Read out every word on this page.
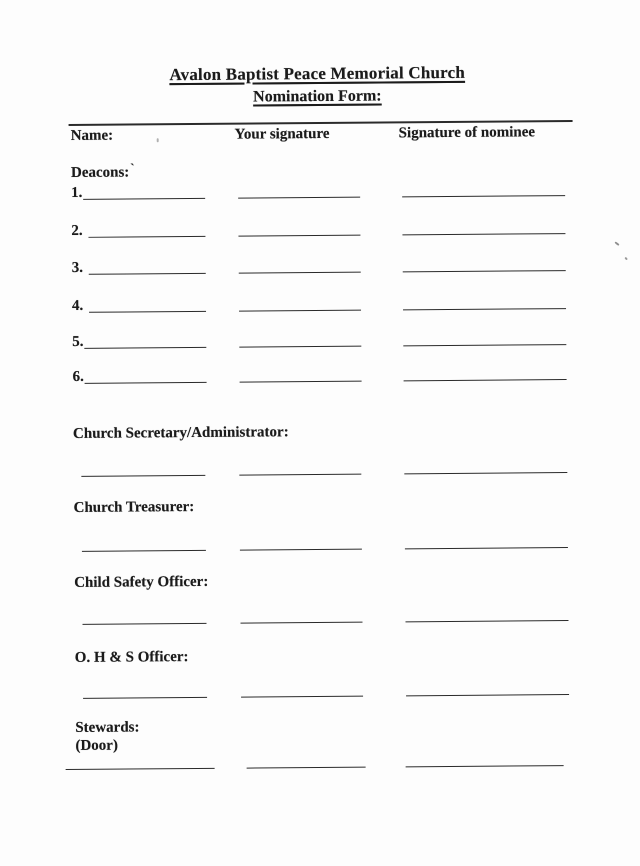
Avalon Baptist Peace Memorial Church
Nomination Form:
Name:	Your signature	Signature of nominee
Deacons:`
1.
2.
3.
4.
5.
6.
Church Secretary/Administrator:
Church Treasurer:
Child Safety Officer:
O. H & S Officer:
Stewards:
(Door)
